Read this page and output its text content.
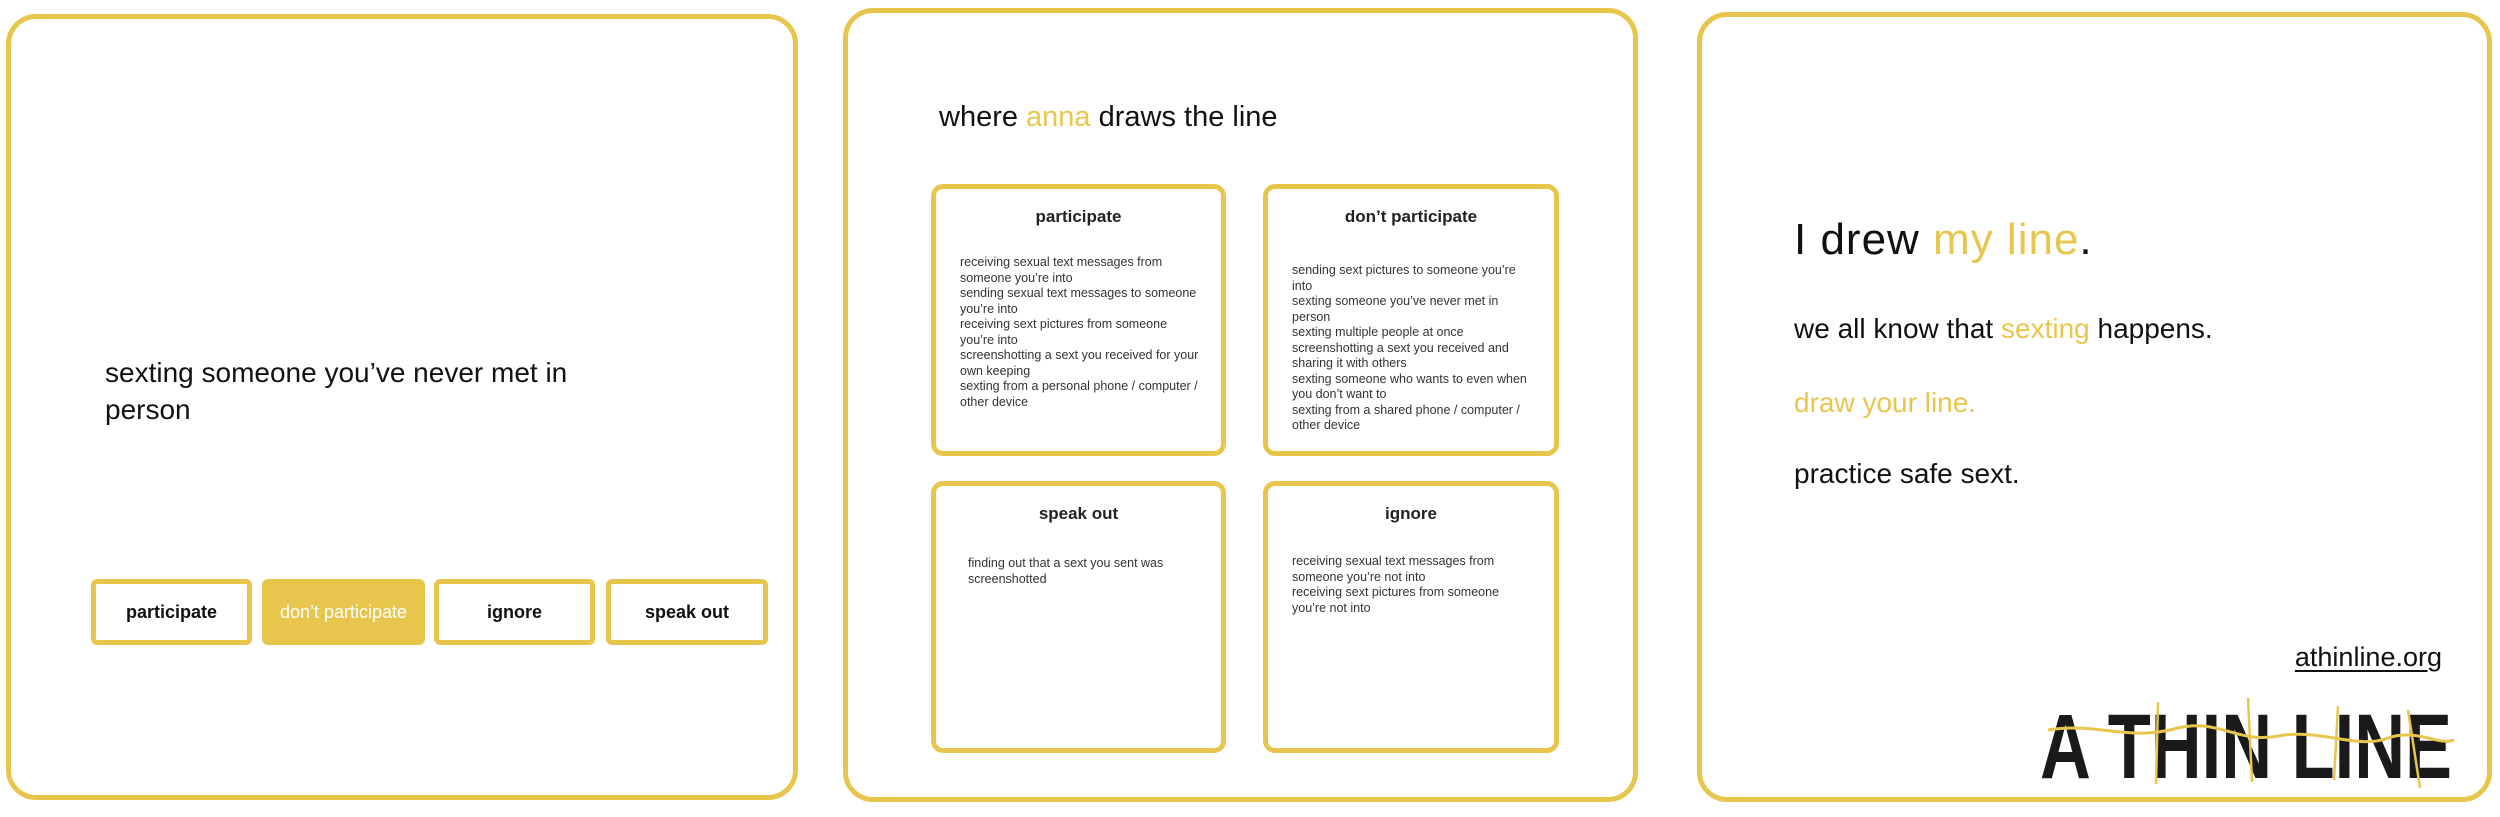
sexting someone you’ve never met in person
participate	don’t participate	ignore	speak out
where anna draws the line
participate
receiving sexual text messages from someone you’re into
sending sexual text messages to someone you’re into
receiving sext pictures from someone you’re into
screenshotting a sext you received for your own keeping
sexting from a personal phone / computer / other device
don’t participate
sending sext pictures to someone you’re into
sexting someone you’ve never met in person
sexting multiple people at once
screenshotting a sext you received and sharing it with others
sexting someone who wants to even when you don’t want to
sexting from a shared phone / computer / other device
speak out
finding out that a sext you sent was screenshotted
ignore
receiving sexual text messages from someone you’re not into
receiving sext pictures from someone you’re not into
I drew my line.
we all know that sexting happens.
draw your line.
practice safe sext.
athinline.org
A THIN LINE
